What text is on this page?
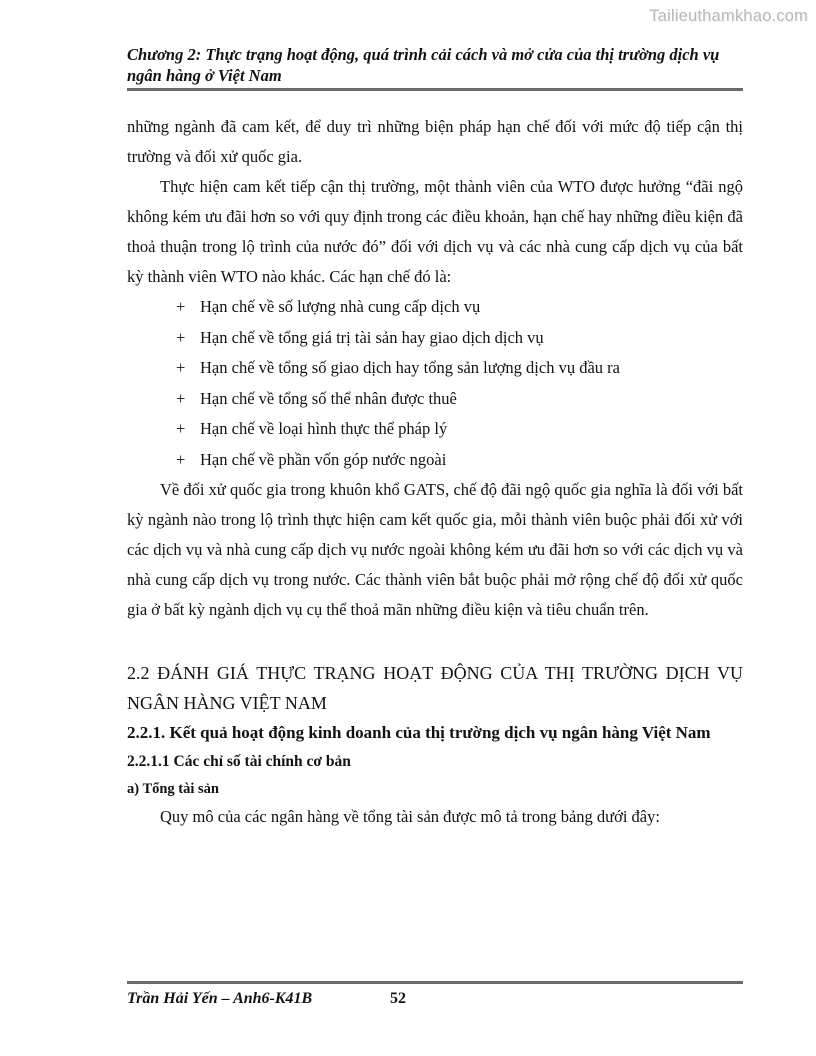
Tailieuthamkhao.com
Chương 2: Thực trạng hoạt động, quá trình cải cách và mở cửa của thị trường dịch vụ ngân hàng ở Việt Nam

những ngành đã cam kết, để duy trì những biện pháp hạn chế đối với mức độ tiếp cận thị trường và đối xử quốc gia.

Thực hiện cam kết tiếp cận thị trường, một thành viên của WTO được hưởng “đãi ngộ không kém ưu đãi hơn so với quy định trong các điều khoản, hạn chế hay những điều kiện đã thoả thuận trong lộ trình của nước đó” đối với dịch vụ và các nhà cung cấp dịch vụ của bất kỳ thành viên WTO nào khác. Các hạn chế đó là:

+ Hạn chế về số lượng nhà cung cấp dịch vụ
+ Hạn chế về tổng giá trị tài sản hay giao dịch dịch vụ
+ Hạn chế về tổng số giao dịch hay tổng sản lượng dịch vụ đầu ra
+ Hạn chế về tổng số thể nhân được thuê
+ Hạn chế về loại hình thực thể pháp lý
+ Hạn chế về phần vốn góp nước ngoài

Về đối xử quốc gia trong khuôn khổ GATS, chế độ đãi ngộ quốc gia nghĩa là đối với bất kỳ ngành nào trong lộ trình thực hiện cam kết quốc gia, mỗi thành viên buộc phải đối xử với các dịch vụ và nhà cung cấp dịch vụ nước ngoài không kém ưu đãi hơn so với các dịch vụ và nhà cung cấp dịch vụ trong nước. Các thành viên bắt buộc phải mở rộng chế độ đối xử quốc gia ở bất kỳ ngành dịch vụ cụ thể thoả mãn những điều kiện và tiêu chuẩn trên.

2.2 ĐÁNH GIÁ THỰC TRẠNG HOẠT ĐỘNG CỦA THỊ TRƯỜNG DỊCH VỤ NGÂN HÀNG VIỆT NAM
2.2.1. Kết quả hoạt động kinh doanh của thị trường dịch vụ ngân hàng Việt Nam
2.2.1.1 Các chỉ số tài chính cơ bản
a) Tổng tài sản

Quy mô của các ngân hàng về tổng tài sản được mô tả trong bảng dưới đây:

Trần Hải Yến – Anh6-K41B	52
